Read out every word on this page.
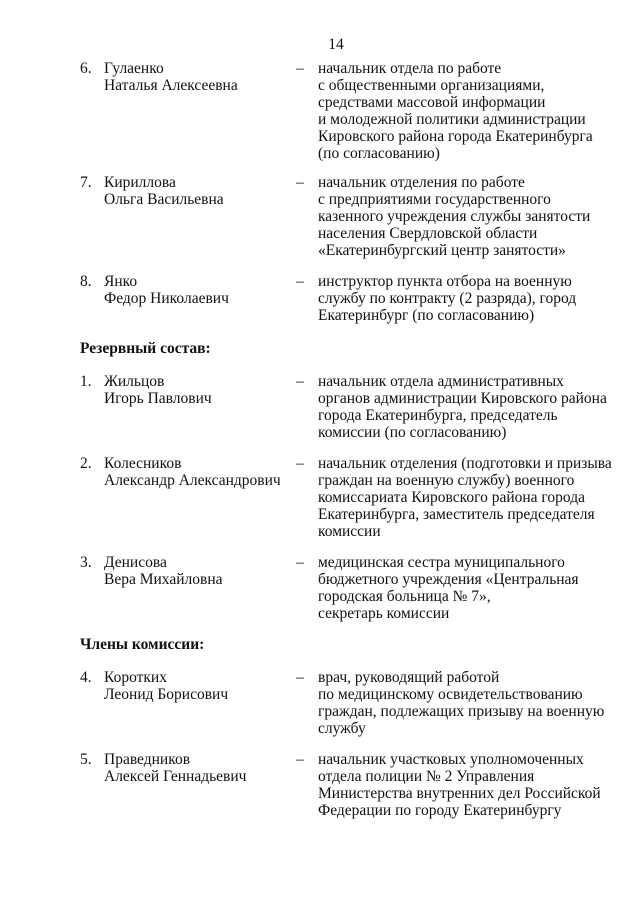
14
6. Гулаенко
Наталья Алексеевна
– начальник отдела по работе
с общественными организациями,
средствами массовой информации
и молодежной политики администрации
Кировского района города Екатеринбурга
(по согласованию)
7. Кириллова
Ольга Васильевна
– начальник отделения по работе
с предприятиями государственного
казенного учреждения службы занятости
населения Свердловской области
«Екатеринбургский центр занятости»
8. Янко
Федор Николаевич
– инструктор пункта отбора на военную
службу по контракту (2 разряда), город
Екатеринбург (по согласованию)
Резервный состав:
1. Жильцов
Игорь Павлович
– начальник отдела административных
органов администрации Кировского района
города Екатеринбурга, председатель
комиссии (по согласованию)
2. Колесников
Александр Александрович
– начальник отделения (подготовки и призыва
граждан на военную службу) военного
комиссариата Кировского района города
Екатеринбурга, заместитель председателя
комиссии
3. Денисова
Вера Михайловна
– медицинская сестра муниципального
бюджетного учреждения «Центральная
городская больница № 7»,
секретарь комиссии
Члены комиссии:
4. Коротких
Леонид Борисович
– врач, руководящий работой
по медицинскому освидетельствованию
граждан, подлежащих призыву на военную
службу
5. Праведников
Алексей Геннадьевич
– начальник участковых уполномоченных
отдела полиции № 2 Управления
Министерства внутренних дел Российской
Федерации по городу Екатеринбургу
